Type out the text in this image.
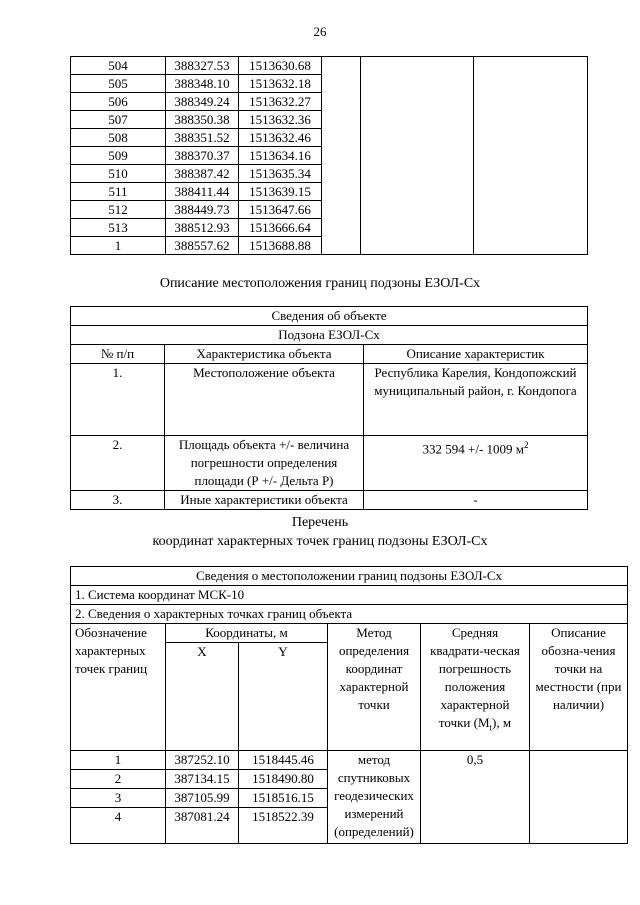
26
504	388327.53	1513630.68			
505	388348.10	1513632.18			
506	388349.24	1513632.27			
507	388350.38	1513632.36			
508	388351.52	1513632.46			
509	388370.37	1513634.16			
510	388387.42	1513635.34			
511	388411.44	1513639.15			
512	388449.73	1513647.66			
513	388512.93	1513666.64			
1	388557.62	1513688.88			
Описание местоположения границ подзоны ЕЗОЛ-Сх
Сведения об объекте		
Подзона ЕЗОЛ-Сх		
№ п/п	Характеристика объекта	Описание характеристик
1.	Местоположение объекта	Республика Карелия, Кондопожский муниципальный район, г. Кондопога
2.	Площадь объекта +/- величина погрешности определения площади (Р +/- Дельта Р)	332 594 +/- 1009 $м^2$
3.	Иные характеристики объекта	-
Перечень
координат характерных точек границ подзоны ЕЗОЛ-Сх
Сведения о местоположении границ подзоны ЕЗОЛ-Сх					
1. Система координат МСК-10					
2. Сведения о характерных точках границ объекта					
Обозначение характерных точек границ	Координаты, м		Метод определения координат характерной точки	Средняя квадрати-ческая погрешность положения характерной точки $(M_t)$, м	Описание обозна-чения точки на местности (при наличии)
	X	Y			
1	387252.10	1518445.46	метод спутниковых геодезических измерений (определений)	0,5	
2	387134.15	1518490.80			
3	387105.99	1518516.15			
4	387081.24	1518522.39			
